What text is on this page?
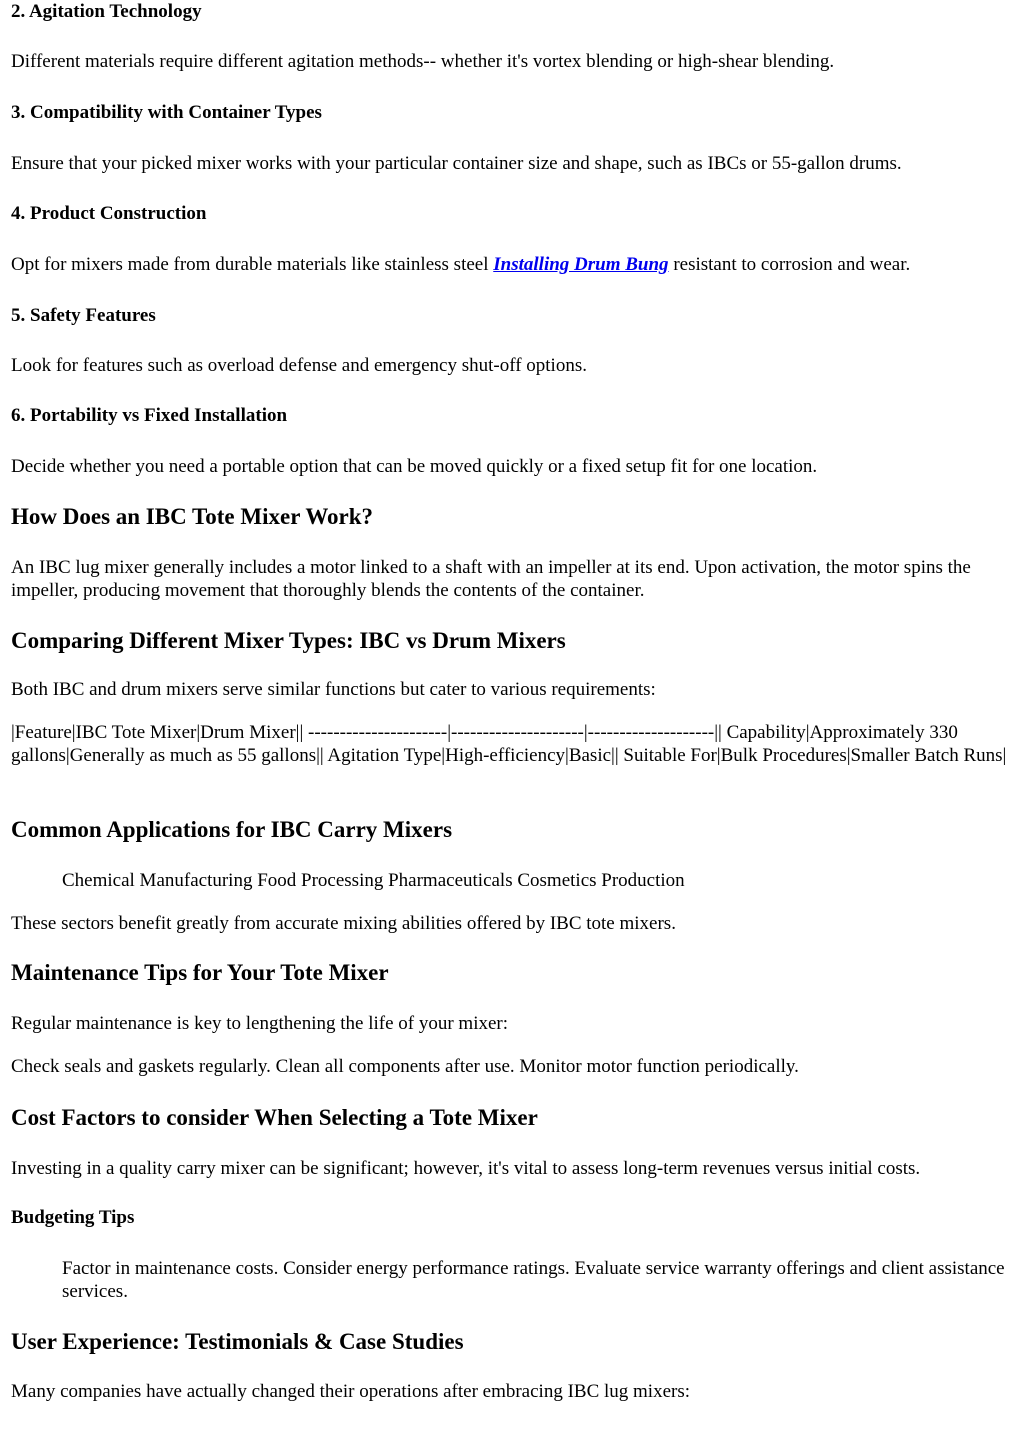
2. Agitation Technology

Different materials require different agitation methods-- whether it's vortex blending or high-shear blending.

3. Compatibility with Container Types

Ensure that your picked mixer works with your particular container size and shape, such as IBCs or 55-gallon drums.

4. Product Construction

Opt for mixers made from durable materials like stainless steel Installing Drum Bung resistant to corrosion and wear.

5. Safety Features

Look for features such as overload defense and emergency shut-off options.

6. Portability vs Fixed Installation

Decide whether you need a portable option that can be moved quickly or a fixed setup fit for one location.

How Does an IBC Tote Mixer Work?

An IBC lug mixer generally includes a motor linked to a shaft with an impeller at its end. Upon activation, the motor spins the impeller, producing movement that thoroughly blends the contents of the container.

Comparing Different Mixer Types: IBC vs Drum Mixers

Both IBC and drum mixers serve similar functions but cater to various requirements:

|Feature|IBC Tote Mixer|Drum Mixer|| ----------------------|---------------------|--------------------|| Capability|Approximately 330 gallons|Generally as much as 55 gallons|| Agitation Type|High-efficiency|Basic|| Suitable For|Bulk Procedures|Smaller Batch Runs|

Common Applications for IBC Carry Mixers

Chemical Manufacturing Food Processing Pharmaceuticals Cosmetics Production

These sectors benefit greatly from accurate mixing abilities offered by IBC tote mixers.

Maintenance Tips for Your Tote Mixer

Regular maintenance is key to lengthening the life of your mixer:

Check seals and gaskets regularly. Clean all components after use. Monitor motor function periodically.

Cost Factors to consider When Selecting a Tote Mixer

Investing in a quality carry mixer can be significant; however, it's vital to assess long-term revenues versus initial costs.

Budgeting Tips

Factor in maintenance costs. Consider energy performance ratings. Evaluate service warranty offerings and client assistance services.

User Experience: Testimonials & Case Studies

Many companies have actually changed their operations after embracing IBC lug mixers:
